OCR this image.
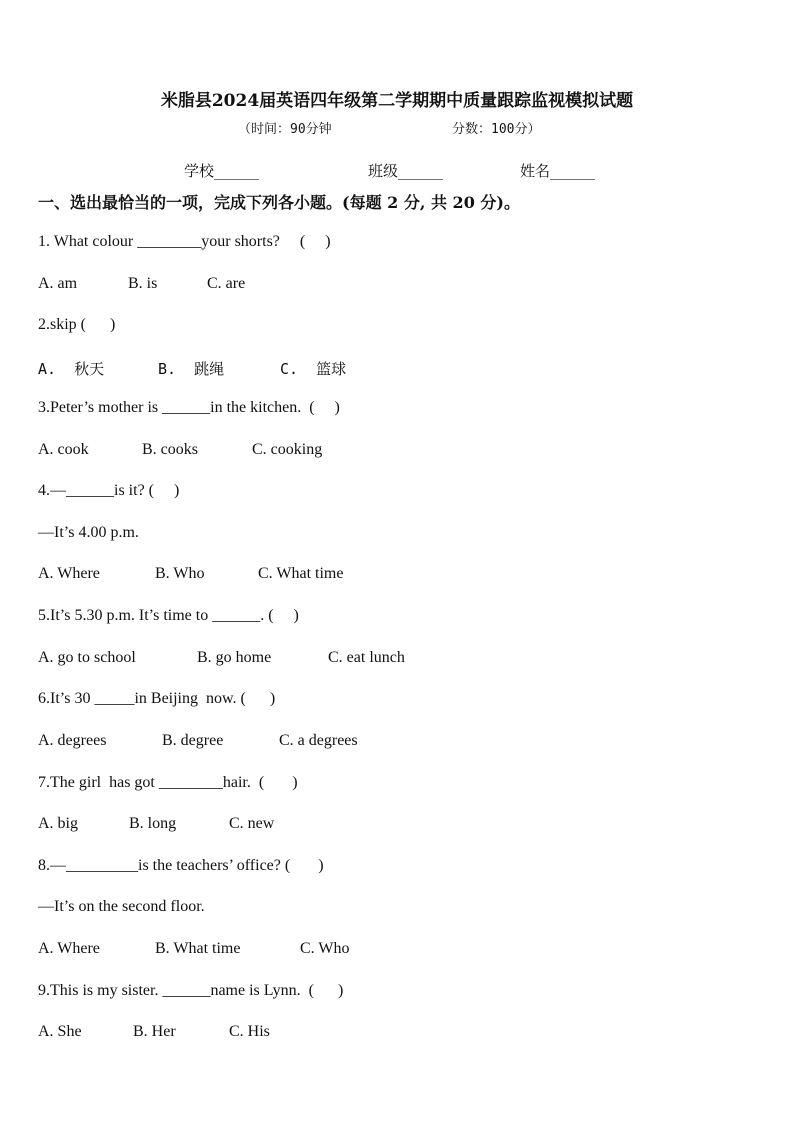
米脂县2024届英语四年级第二学期期中质量跟踪监视模拟试题
（时间：90分钟	分数：100分）
学校______	班级______	姓名______
一、选出最恰当的一项，完成下列各小题。(每题 2 分, 共 20 分)。
1. What colour ________your shorts?     (     )
A. am	B. is	C. are
2.skip (      )
A.  秋天	B.  跳绳	C.  篮球
3.Peter’s mother is ______in the kitchen.  (     )
A. cook	B. cooks	C. cooking
4.—______is it? (     )
—It’s 4.00 p.m.
A. Where	B. Who	C. What time
5.It’s 5.30 p.m. It’s time to ______. (     )
A. go to school	B. go home	C. eat lunch
6.It’s 30 _____in Beijing  now. (      )
A. degrees	B. degree	C. a degrees
7.The girl  has got ________hair.  (       )
A. big	B. long	C. new
8.—_________is the teachers’ office? (       )
—It’s on the second floor.
A. Where	B. What time	C. Who
9.This is my sister. ______name is Lynn.  (      )
A. She	B. Her	C. His
